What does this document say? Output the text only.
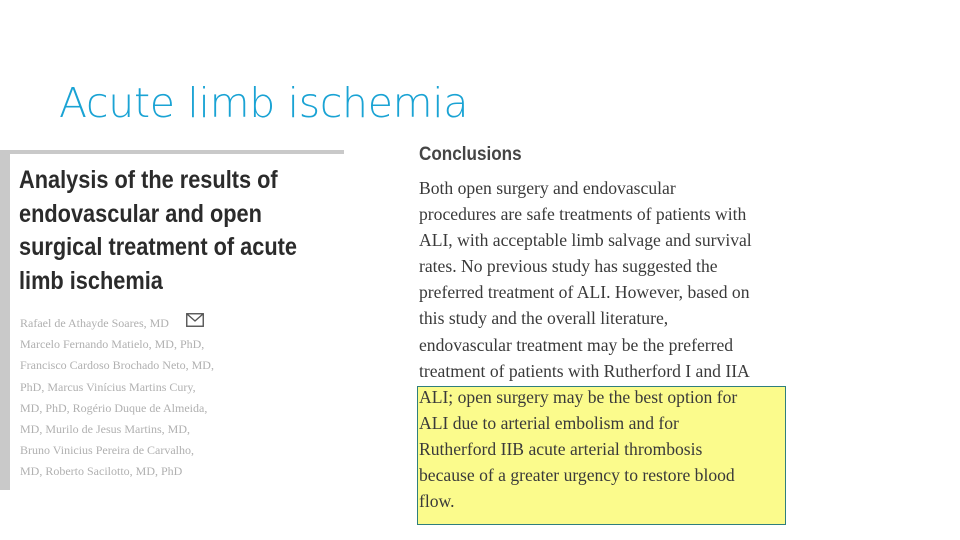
Acute limb ischemia
Analysis of the results of
endovascular and open
surgical treatment of acute
limb ischemia
Rafael de Athayde Soares, MD
Marcelo Fernando Matielo, MD, PhD,
Francisco Cardoso Brochado Neto, MD,
PhD, Marcus Vinícius Martins Cury,
MD, PhD, Rogério Duque de Almeida,
MD, Murilo de Jesus Martins, MD,
Bruno Vinicius Pereira de Carvalho,
MD, Roberto Sacilotto, MD, PhD
Conclusions
Both open surgery and endovascular
procedures are safe treatments of patients with
ALI, with acceptable limb salvage and survival
rates. No previous study has suggested the
preferred treatment of ALI. However, based on
this study and the overall literature,
endovascular treatment may be the preferred
treatment of patients with Rutherford I and IIA
ALI; open surgery may be the best option for
ALI due to arterial embolism and for
Rutherford IIB acute arterial thrombosis
because of a greater urgency to restore blood
flow.
